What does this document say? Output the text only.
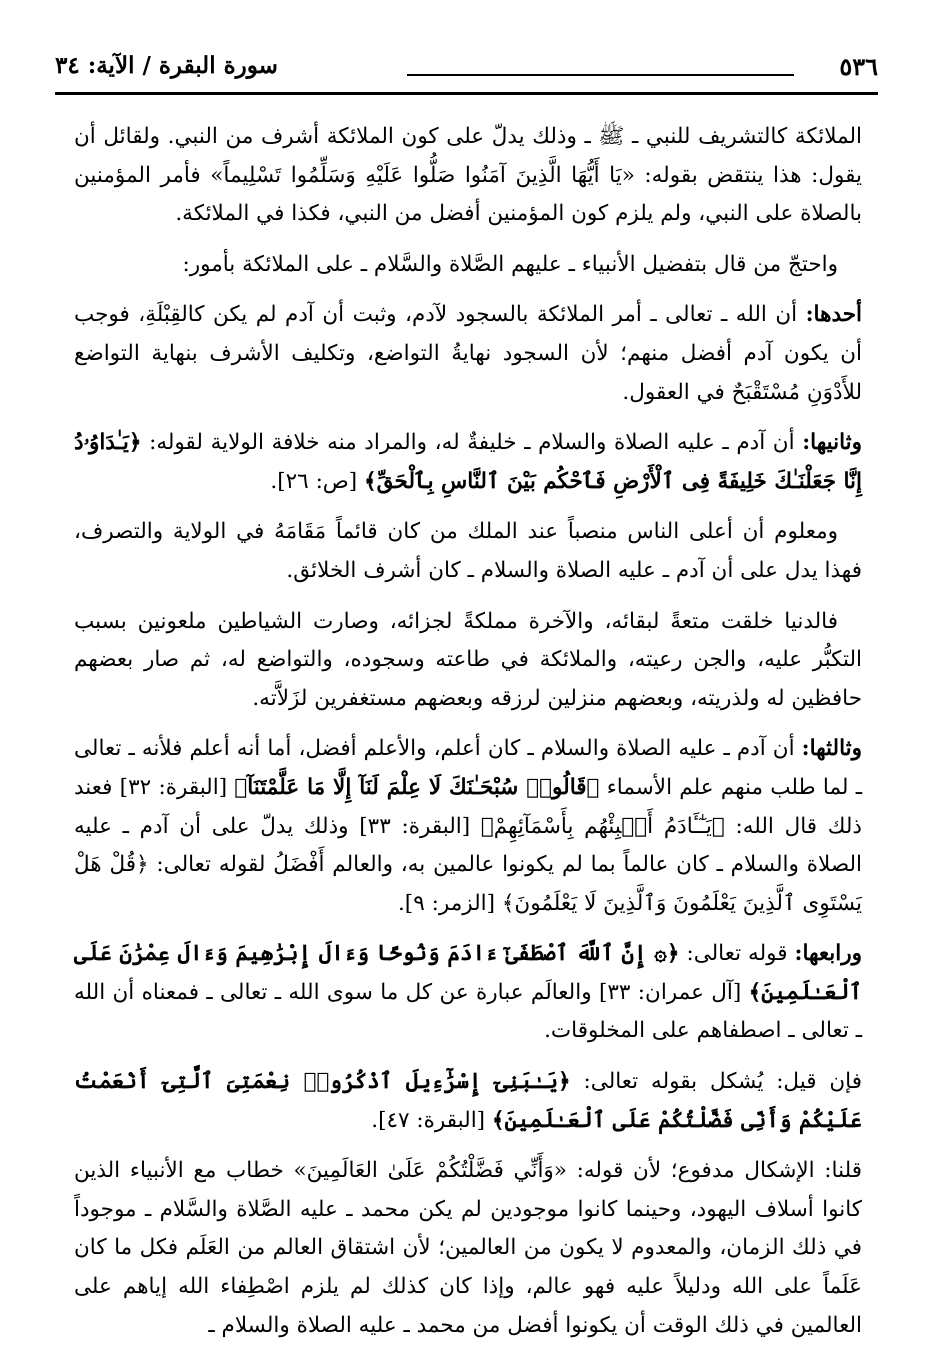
٥٣٦
سورة البقرة / الآية: ٣٤

الملائكة كالتشريف للنبي ـ ﷺ ـ وذلك يدلّ على كون الملائكة أشرف من النبي. ولقائل أن يقول: هذا ينتقض بقوله: «يَا أَيُّهَا الَّذِينَ آمَنُوا صَلُّوا عَلَيْهِ وَسَلِّمُوا تَسْلِيماً» فأمر المؤمنين بالصلاة على النبي، ولم يلزم كون المؤمنين أفضل من النبي، فكذا في الملائكة.

واحتجّ من قال بتفضيل الأنبياء ـ عليهم الصَّلاة والسَّلام ـ على الملائكة بأمور:

أحدها: أن الله ـ تعالى ـ أمر الملائكة بالسجود لآدم، وثبت أن آدم لم يكن كالقِبْلَةِ، فوجب أن يكون آدم أفضل منهم؛ لأن السجود نهايةُ التواضع، وتكليف الأشرف بنهاية التواضع للأَدْوَنِ مُسْتَقْبَحٌ في العقول.

وثانيها: أن آدم ـ عليه الصلاة والسلام ـ خليفةٌ له، والمراد منه خلافة الولاية لقوله: ﴿يَـٰدَاوُۥدُ إِنَّا جَعَلْنَـٰكَ خَلِيفَةً فِى ٱلْأَرْضِ فَٱحْكُم بَيْنَ ٱلنَّاسِ بِٱلْحَقِّ﴾ [ص: ٢٦].

ومعلوم أن أعلى الناس منصباً عند الملك من كان قائماً مَقَامَهُ في الولاية والتصرف، فهذا يدل على أن آدم ـ عليه الصلاة والسلام ـ كان أشرف الخلائق.

فالدنيا خلقت متعةً لبقائه، والآخرة مملكةً لجزائه، وصارت الشياطين ملعونين بسبب التكبُّر عليه، والجن رعيته، والملائكة في طاعته وسجوده، والتواضع له، ثم صار بعضهم حافظين له ولذريته، وبعضهم منزلين لرزقه وبعضهم مستغفرين لزَلاَّته.

وثالثها: أن آدم ـ عليه الصلاة والسلام ـ كان أعلم، والأعلم أفضل، أما أنه أعلم فلأنه ـ تعالى ـ لما طلب منهم علم الأسماء ﴿قَالُوا۟ سُبْحَـٰنَكَ لَا عِلْمَ لَنَآ إِلَّا مَا عَلَّمْتَنَآ﴾ [البقرة: ٣٢] فعند ذلك قال الله: ﴿يَـٰٓـَٔادَمُ أَنۢبِئْهُم بِأَسْمَآئِهِمْ﴾ [البقرة: ٣٣] وذلك يدلّ على أن آدم ـ عليه الصلاة والسلام ـ كان عالماً بما لم يكونوا عالمين به، والعالم أَفْضَلُ لقوله تعالى: ﴿قُلْ هَلْ يَسْتَوِى ٱلَّذِينَ يَعْلَمُونَ وَٱلَّذِينَ لَا يَعْلَمُونَ﴾ [الزمر: ٩].

ورابعها: قوله تعالى: ﴿۞ إِنَّ ٱللَّهَ ٱصْطَفَىٰٓ ءَادَمَ وَنُوحًا وَءَالَ إِبْرَٰهِيمَ وَءَالَ عِمْرَٰنَ عَلَى ٱلْعَـٰلَمِينَ﴾ [آل عمران: ٣٣] والعالَم عبارة عن كل ما سوى الله ـ تعالى ـ فمعناه أن الله ـ تعالى ـ اصطفاهم على المخلوقات.

فإن قيل: يُشكل بقوله تعالى: ﴿يَـٰبَنِىٓ إِسْرَٰٓءِيلَ ٱذْكُرُوا۟ نِعْمَتِىَ ٱلَّتِىٓ أَنْعَمْتُ عَلَيْكُمْ وَأَنِّى فَضَّلْتُكُمْ عَلَى ٱلْعَـٰلَمِينَ﴾ [البقرة: ٤٧].

قلنا: الإشكال مدفوع؛ لأن قوله: «وَأَنِّي فَضَّلْتُكُمْ عَلَىٰ العَالَمِينَ» خطاب مع الأنبياء الذين كانوا أسلاف اليهود، وحينما كانوا موجودين لم يكن محمد ـ عليه الصَّلاة والسَّلام ـ موجوداً في ذلك الزمان، والمعدوم لا يكون من العالمين؛ لأن اشتقاق العالم من العَلَم فكل ما كان عَلَماً على الله ودليلاً عليه فهو عالم، وإذا كان كذلك لم يلزم اصْطِفاء الله إياهم على العالمين في ذلك الوقت أن يكونوا أفضل من محمد ـ عليه الصلاة والسلام ـ
